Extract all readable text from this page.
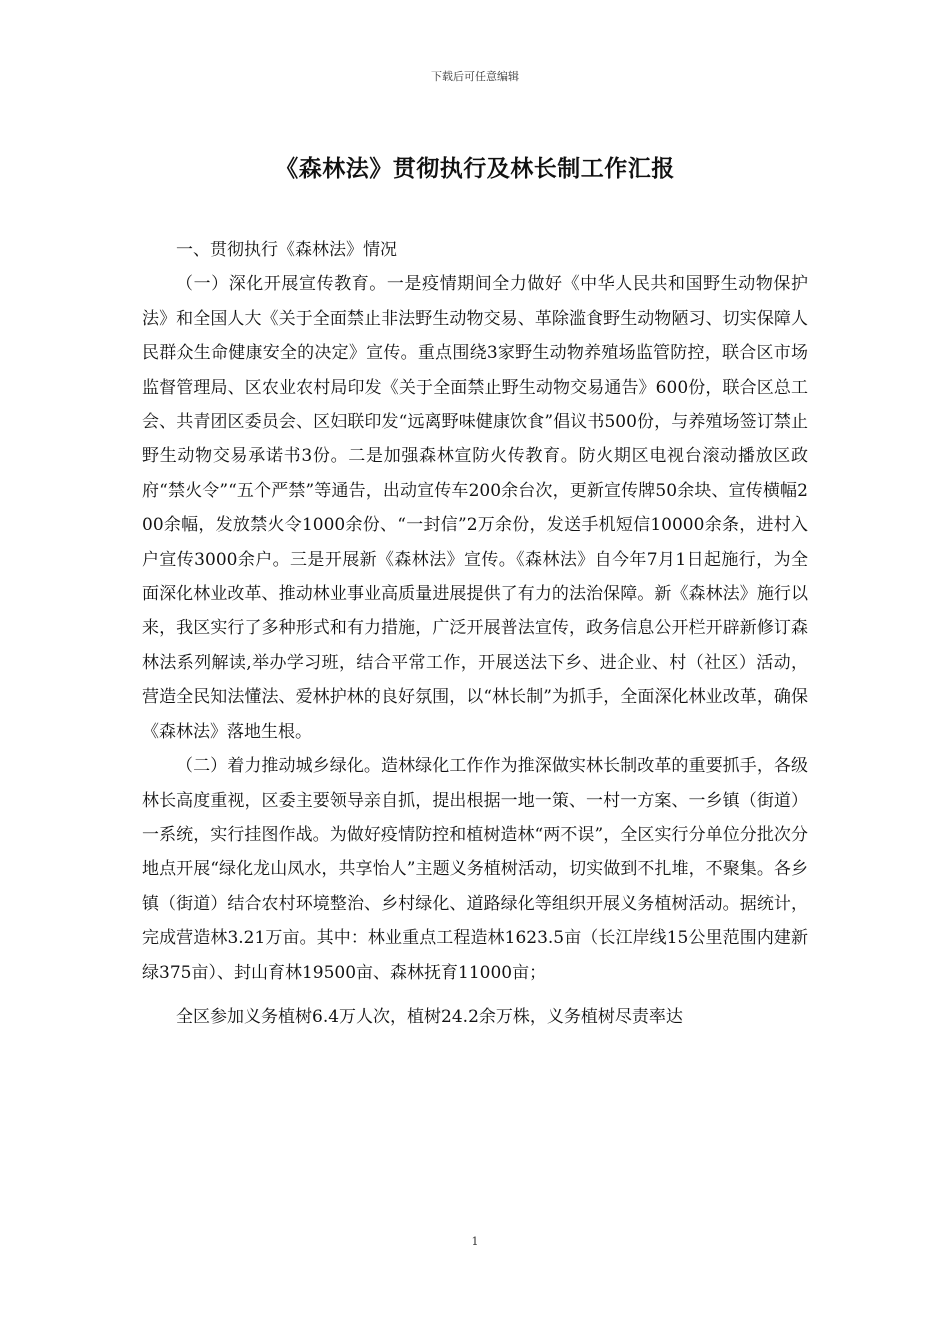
下载后可任意编辑
《森林法》贯彻执行及林长制工作汇报

一、贯彻执行《森林法》情况

（一）深化开展宣传教育。一是疫情期间全力做好《中华人民共和国野生动物保护法》和全国人大《关于全面禁止非法野生动物交易、革除滥食野生动物陋习、切实保障人民群众生命健康安全的决定》宣传。重点围绕3家野生动物养殖场监管防控，联合区市场监督管理局、区农业农村局印发《关于全面禁止野生动物交易通告》600份，联合区总工会、共青团区委员会、区妇联印发“远离野味健康饮食”倡议书500份，与养殖场签订禁止野生动物交易承诺书3份。二是加强森林宣防火传教育。防火期区电视台滚动播放区政府“禁火令”“五个严禁”等通告，出动宣传车200余台次，更新宣传牌50余块、宣传横幅200余幅，发放禁火令1000余份、“一封信”2万余份，发送手机短信10000余条，进村入户宣传3000余户。三是开展新《森林法》宣传。《森林法》自今年7月1日起施行，为全面深化林业改革、推动林业事业高质量进展提供了有力的法治保障。新《森林法》施行以来，我区实行了多种形式和有力措施，广泛开展普法宣传，政务信息公开栏开辟新修订森林法系列解读,举办学习班，结合平常工作，开展送法下乡、进企业、村（社区）活动，营造全民知法懂法、爱林护林的良好氛围，以“林长制”为抓手，全面深化林业改革，确保《森林法》落地生根。

（二）着力推动城乡绿化。造林绿化工作作为推深做实林长制改革的重要抓手，各级林长高度重视，区委主要领导亲自抓，提出根据一地一策、一村一方案、一乡镇（街道）一系统，实行挂图作战。为做好疫情防控和植树造林“两不误”，全区实行分单位分批次分地点开展“绿化龙山凤水，共享怡人”主题义务植树活动，切实做到不扎堆，不聚集。各乡镇（街道）结合农村环境整治、乡村绿化、道路绿化等组织开展义务植树活动。据统计，完成营造林3.21万亩。其中：林业重点工程造林1623.5亩（长江岸线15公里范围内建新绿375亩）、封山育林19500亩、森林抚育11000亩；

全区参加义务植树6.4万人次，植树24.2余万株，义务植树尽责率达

1
